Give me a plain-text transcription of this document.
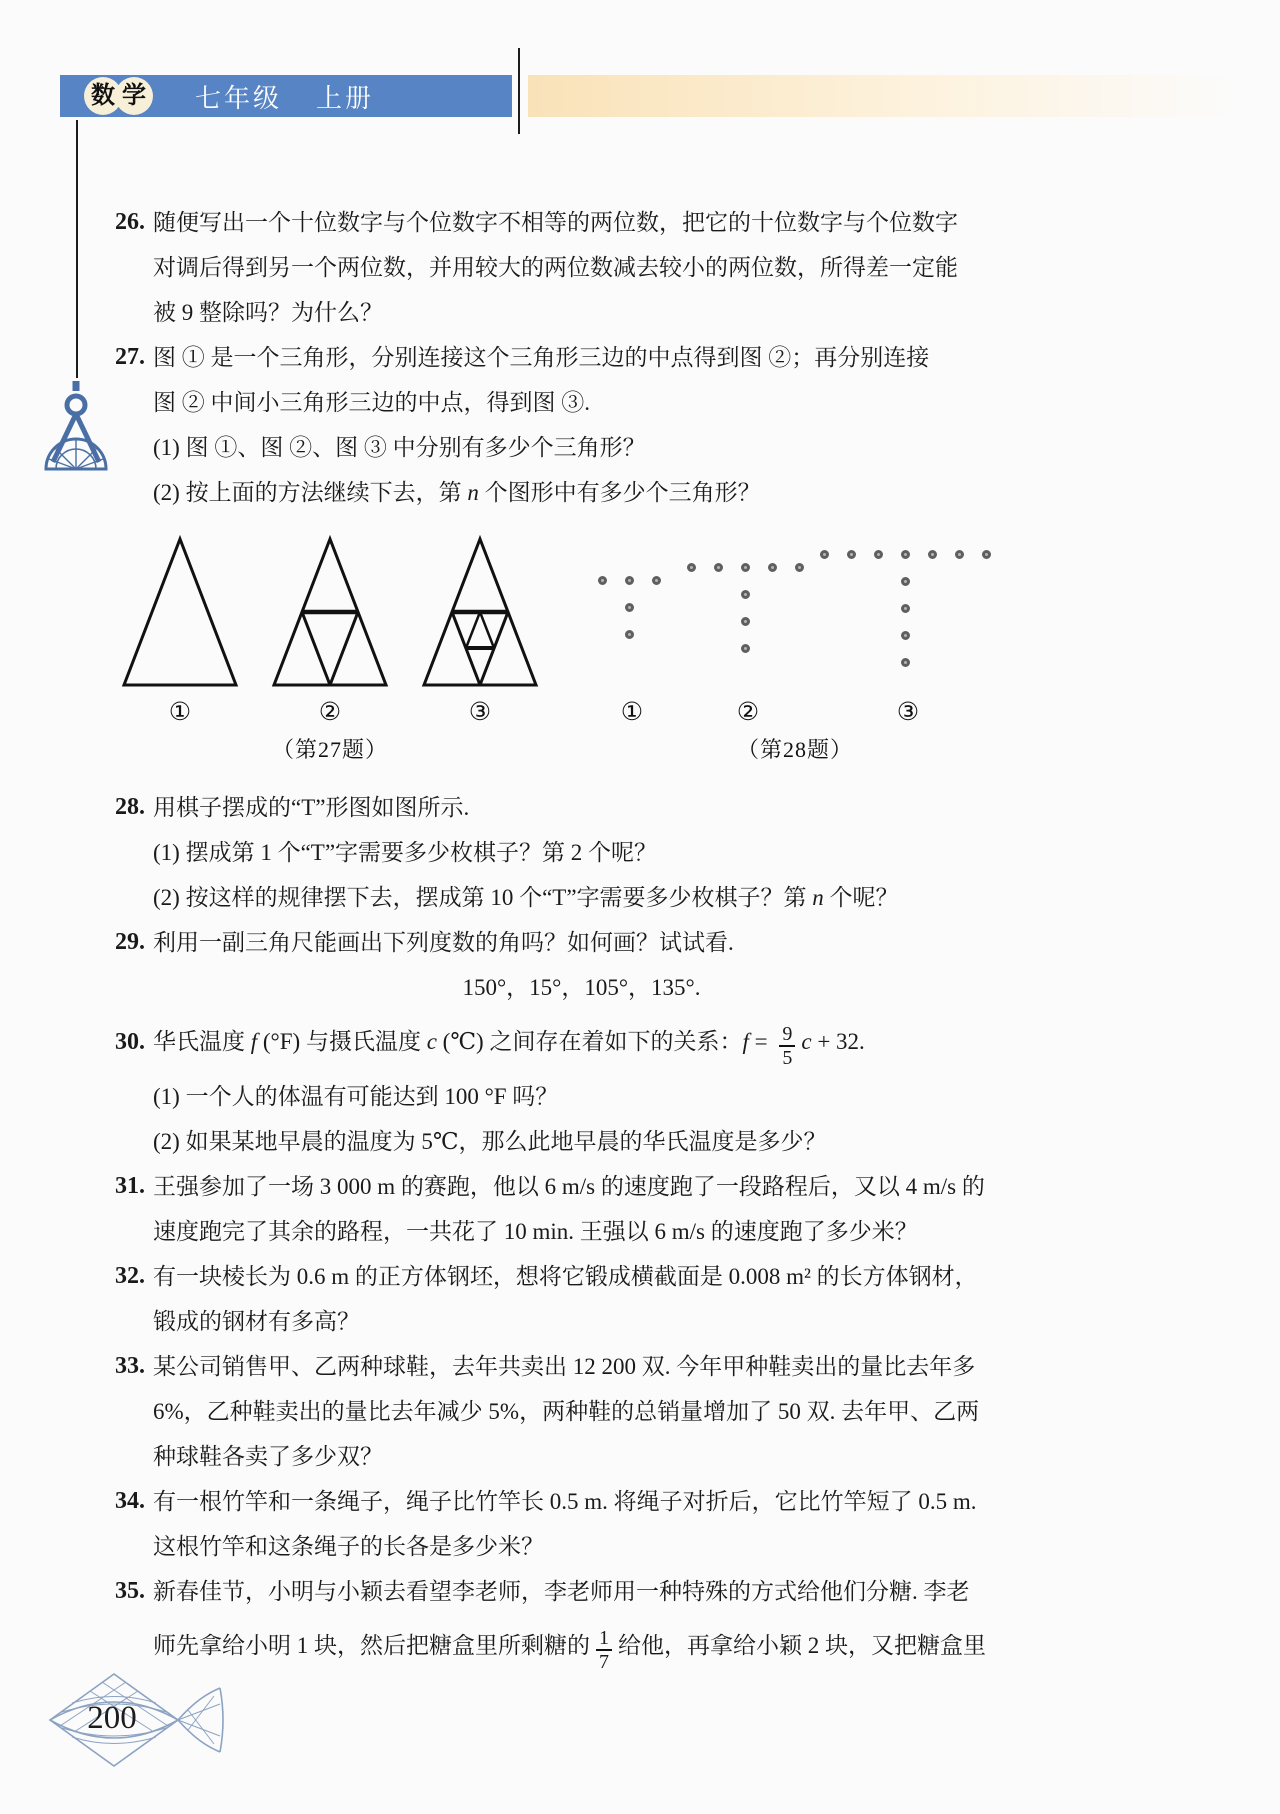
数 学 七年级 上册
26. 随便写出一个十位数字与个位数字不相等的两位数，把它的十位数字与个位数字
对调后得到另一个两位数，并用较大的两位数减去较小的两位数，所得差一定能
被 9 整除吗？为什么？
27. 图 ① 是一个三角形，分别连接这个三角形三边的中点得到图 ②；再分别连接
图 ② 中间小三角形三边的中点，得到图 ③.
(1) 图 ①、图 ②、图 ③ 中分别有多少个三角形？
(2) 按上面的方法继续下去，第 n 个图形中有多少个三角形？
（第27题）	（第28题）
①	②	③	①	②	③
28. 用棋子摆成的“T”形图如图所示.
(1) 摆成第 1 个“T”字需要多少枚棋子？第 2 个呢？
(2) 按这样的规律摆下去，摆成第 10 个“T”字需要多少枚棋子？第 n 个呢？
29. 利用一副三角尺能画出下列度数的角吗？如何画？试试看.
150°，15°，105°，135°.
30. 华氏温度 f (°F) 与摄氏温度 c (℃) 之间存在着如下的关系：$f = \frac{9}{5}$ c + 32.
(1) 一个人的体温有可能达到 100 °F 吗？
(2) 如果某地早晨的温度为 5℃，那么此地早晨的华氏温度是多少？
31. 王强参加了一场 3 000 m 的赛跑，他以 6 m/s 的速度跑了一段路程后，又以 4 m/s 的
速度跑完了其余的路程，一共花了 10 min. 王强以 6 m/s 的速度跑了多少米？
32. 有一块棱长为 0.6 m 的正方体钢坯，想将它锻成横截面是 0.008 m² 的长方体钢材，
锻成的钢材有多高？
33. 某公司销售甲、乙两种球鞋，去年共卖出 12 200 双. 今年甲种鞋卖出的量比去年多
6%，乙种鞋卖出的量比去年减少 5%，两种鞋的总销量增加了 50 双. 去年甲、乙两
种球鞋各卖了多少双？
34. 有一根竹竿和一条绳子，绳子比竹竿长 0.5 m. 将绳子对折后，它比竹竿短了 0.5 m.
这根竹竿和这条绳子的长各是多少米？
35. 新春佳节，小明与小颖去看望李老师，李老师用一种特殊的方式给他们分糖. 李老
师先拿给小明 1 块，然后把糖盒里所剩糖的 $\frac{1}{7}$ 给他，再拿给小颖 2 块，又把糖盒里
200
